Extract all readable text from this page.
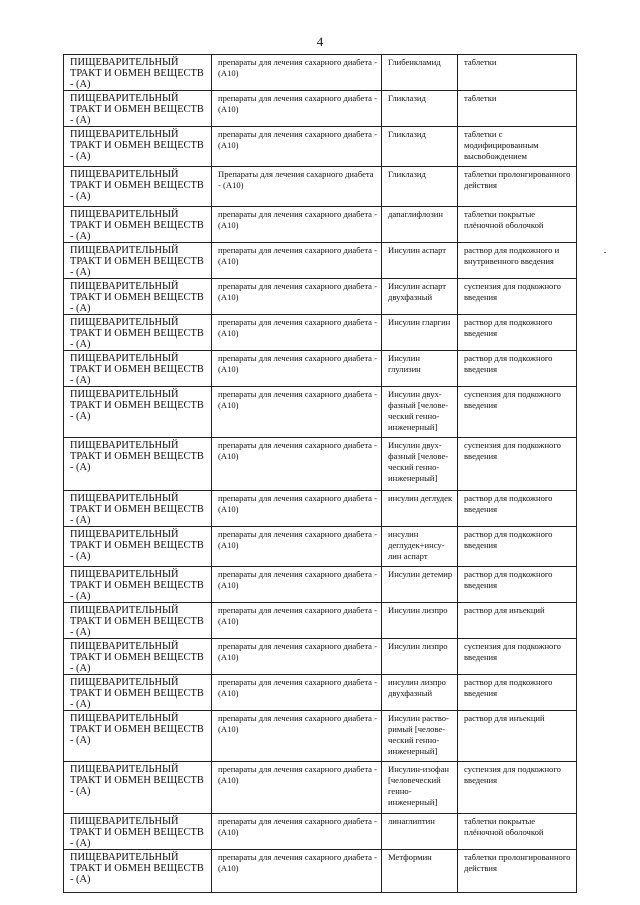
4
ПИЩЕВАРИТЕЛЬНЫЙ ТРАКТ И ОБМЕН ВЕЩЕСТВ - (А)	препараты для лечения сахарного диабета - (А10)	Глибенкламид	таблетки
ПИЩЕВАРИТЕЛЬНЫЙ ТРАКТ И ОБМЕН ВЕЩЕСТВ - (А)	препараты для лечения сахарного диабета - (А10)	Гликлазид	таблетки
ПИЩЕВАРИТЕЛЬНЫЙ ТРАКТ И ОБМЕН ВЕЩЕСТВ - (А)	препараты для лечения сахарного диабета - (А10)	Гликлазид	таблетки с модифицированным высвобождением
ПИЩЕВАРИТЕЛЬНЫЙ ТРАКТ И ОБМЕН ВЕЩЕСТВ - (А)	Препараты для лечения сахарного диабета - (А10)	Гликлазид	таблетки пролонгированного действия
ПИЩЕВАРИТЕЛЬНЫЙ ТРАКТ И ОБМЕН ВЕЩЕСТВ - (А)	препараты для лечения сахарного диабета - (А10)	дапаглифлозин	таблетки покрытые плёночной оболочкой
ПИЩЕВАРИТЕЛЬНЫЙ ТРАКТ И ОБМЕН ВЕЩЕСТВ - (А)	препараты для лечения сахарного диабета - (А10)	Инсулин аспарт	раствор для подкожного и внутривенного введения
ПИЩЕВАРИТЕЛЬНЫЙ ТРАКТ И ОБМЕН ВЕЩЕСТВ - (А)	препараты для лечения сахарного диабета - (А10)	Инсулин аспарт двухфазный	суспензия для подкожного введения
ПИЩЕВАРИТЕЛЬНЫЙ ТРАКТ И ОБМЕН ВЕЩЕСТВ - (А)	препараты для лечения сахарного диабета - (А10)	Инсулин гларгин	раствор для подкожного введения
ПИЩЕВАРИТЕЛЬНЫЙ ТРАКТ И ОБМЕН ВЕЩЕСТВ - (А)	препараты для лечения сахарного диабета - (А10)	Инсулин глулизин	раствор для подкожного введения
ПИЩЕВАРИТЕЛЬНЫЙ ТРАКТ И ОБМЕН ВЕЩЕСТВ - (А)	препараты для лечения сахарного диабета - (А10)	Инсулин двух-фазный [челове-ческий генно-инженерный]	суспензия для подкожного введения
ПИЩЕВАРИТЕЛЬНЫЙ ТРАКТ И ОБМЕН ВЕЩЕСТВ - (А)	препараты для лечения сахарного диабета - (А10)	Инсулин двух-фазный [челове-ческий генно-инженерный]	суспензия для подкожного введения
ПИЩЕВАРИТЕЛЬНЫЙ ТРАКТ И ОБМЕН ВЕЩЕСТВ - (А)	препараты для лечения сахарного диабета - (А10)	инсулин деглудек	раствор для подкожного введения
ПИЩЕВАРИТЕЛЬНЫЙ ТРАКТ И ОБМЕН ВЕЩЕСТВ - (А)	препараты для лечения сахарного диабета - (А10)	инсулин деглудек+инсу-лин аспарт	раствор для подкожного введения
ПИЩЕВАРИТЕЛЬНЫЙ ТРАКТ И ОБМЕН ВЕЩЕСТВ - (А)	препараты для лечения сахарного диабета - (А10)	Инсулин детемир	раствор для подкожного введения
ПИЩЕВАРИТЕЛЬНЫЙ ТРАКТ И ОБМЕН ВЕЩЕСТВ - (А)	препараты для лечения сахарного диабета - (А10)	Инсулин лизпро	раствор для инъекций
ПИЩЕВАРИТЕЛЬНЫЙ ТРАКТ И ОБМЕН ВЕЩЕСТВ - (А)	препараты для лечения сахарного диабета - (А10)	Инсулин лизпро	суспензия для подкожного введения
ПИЩЕВАРИТЕЛЬНЫЙ ТРАКТ И ОБМЕН ВЕЩЕСТВ - (А)	препараты для лечения сахарного диабета - (А10)	инсулин лизпро двухфазный	раствор для подкожного введения
ПИЩЕВАРИТЕЛЬНЫЙ ТРАКТ И ОБМЕН ВЕЩЕСТВ - (А)	препараты для лечения сахарного диабета - (А10)	Инсулин раство-римый [челове-ческий генно-инженерный]	раствор для инъекций
ПИЩЕВАРИТЕЛЬНЫЙ ТРАКТ И ОБМЕН ВЕЩЕСТВ - (А)	препараты для лечения сахарного диабета - (А10)	Инсулин-изофан [человеческий генно-инженерный]	суспензия для подкожного введения
ПИЩЕВАРИТЕЛЬНЫЙ ТРАКТ И ОБМЕН ВЕЩЕСТВ - (А)	препараты для лечения сахарного диабета - (А10)	линаглиптин	таблетки покрытые плёночной оболочкой
ПИЩЕВАРИТЕЛЬНЫЙ ТРАКТ И ОБМЕН ВЕЩЕСТВ - (А)	препараты для лечения сахарного диабета - (А10)	Метформин	таблетки пролонгированного действия
